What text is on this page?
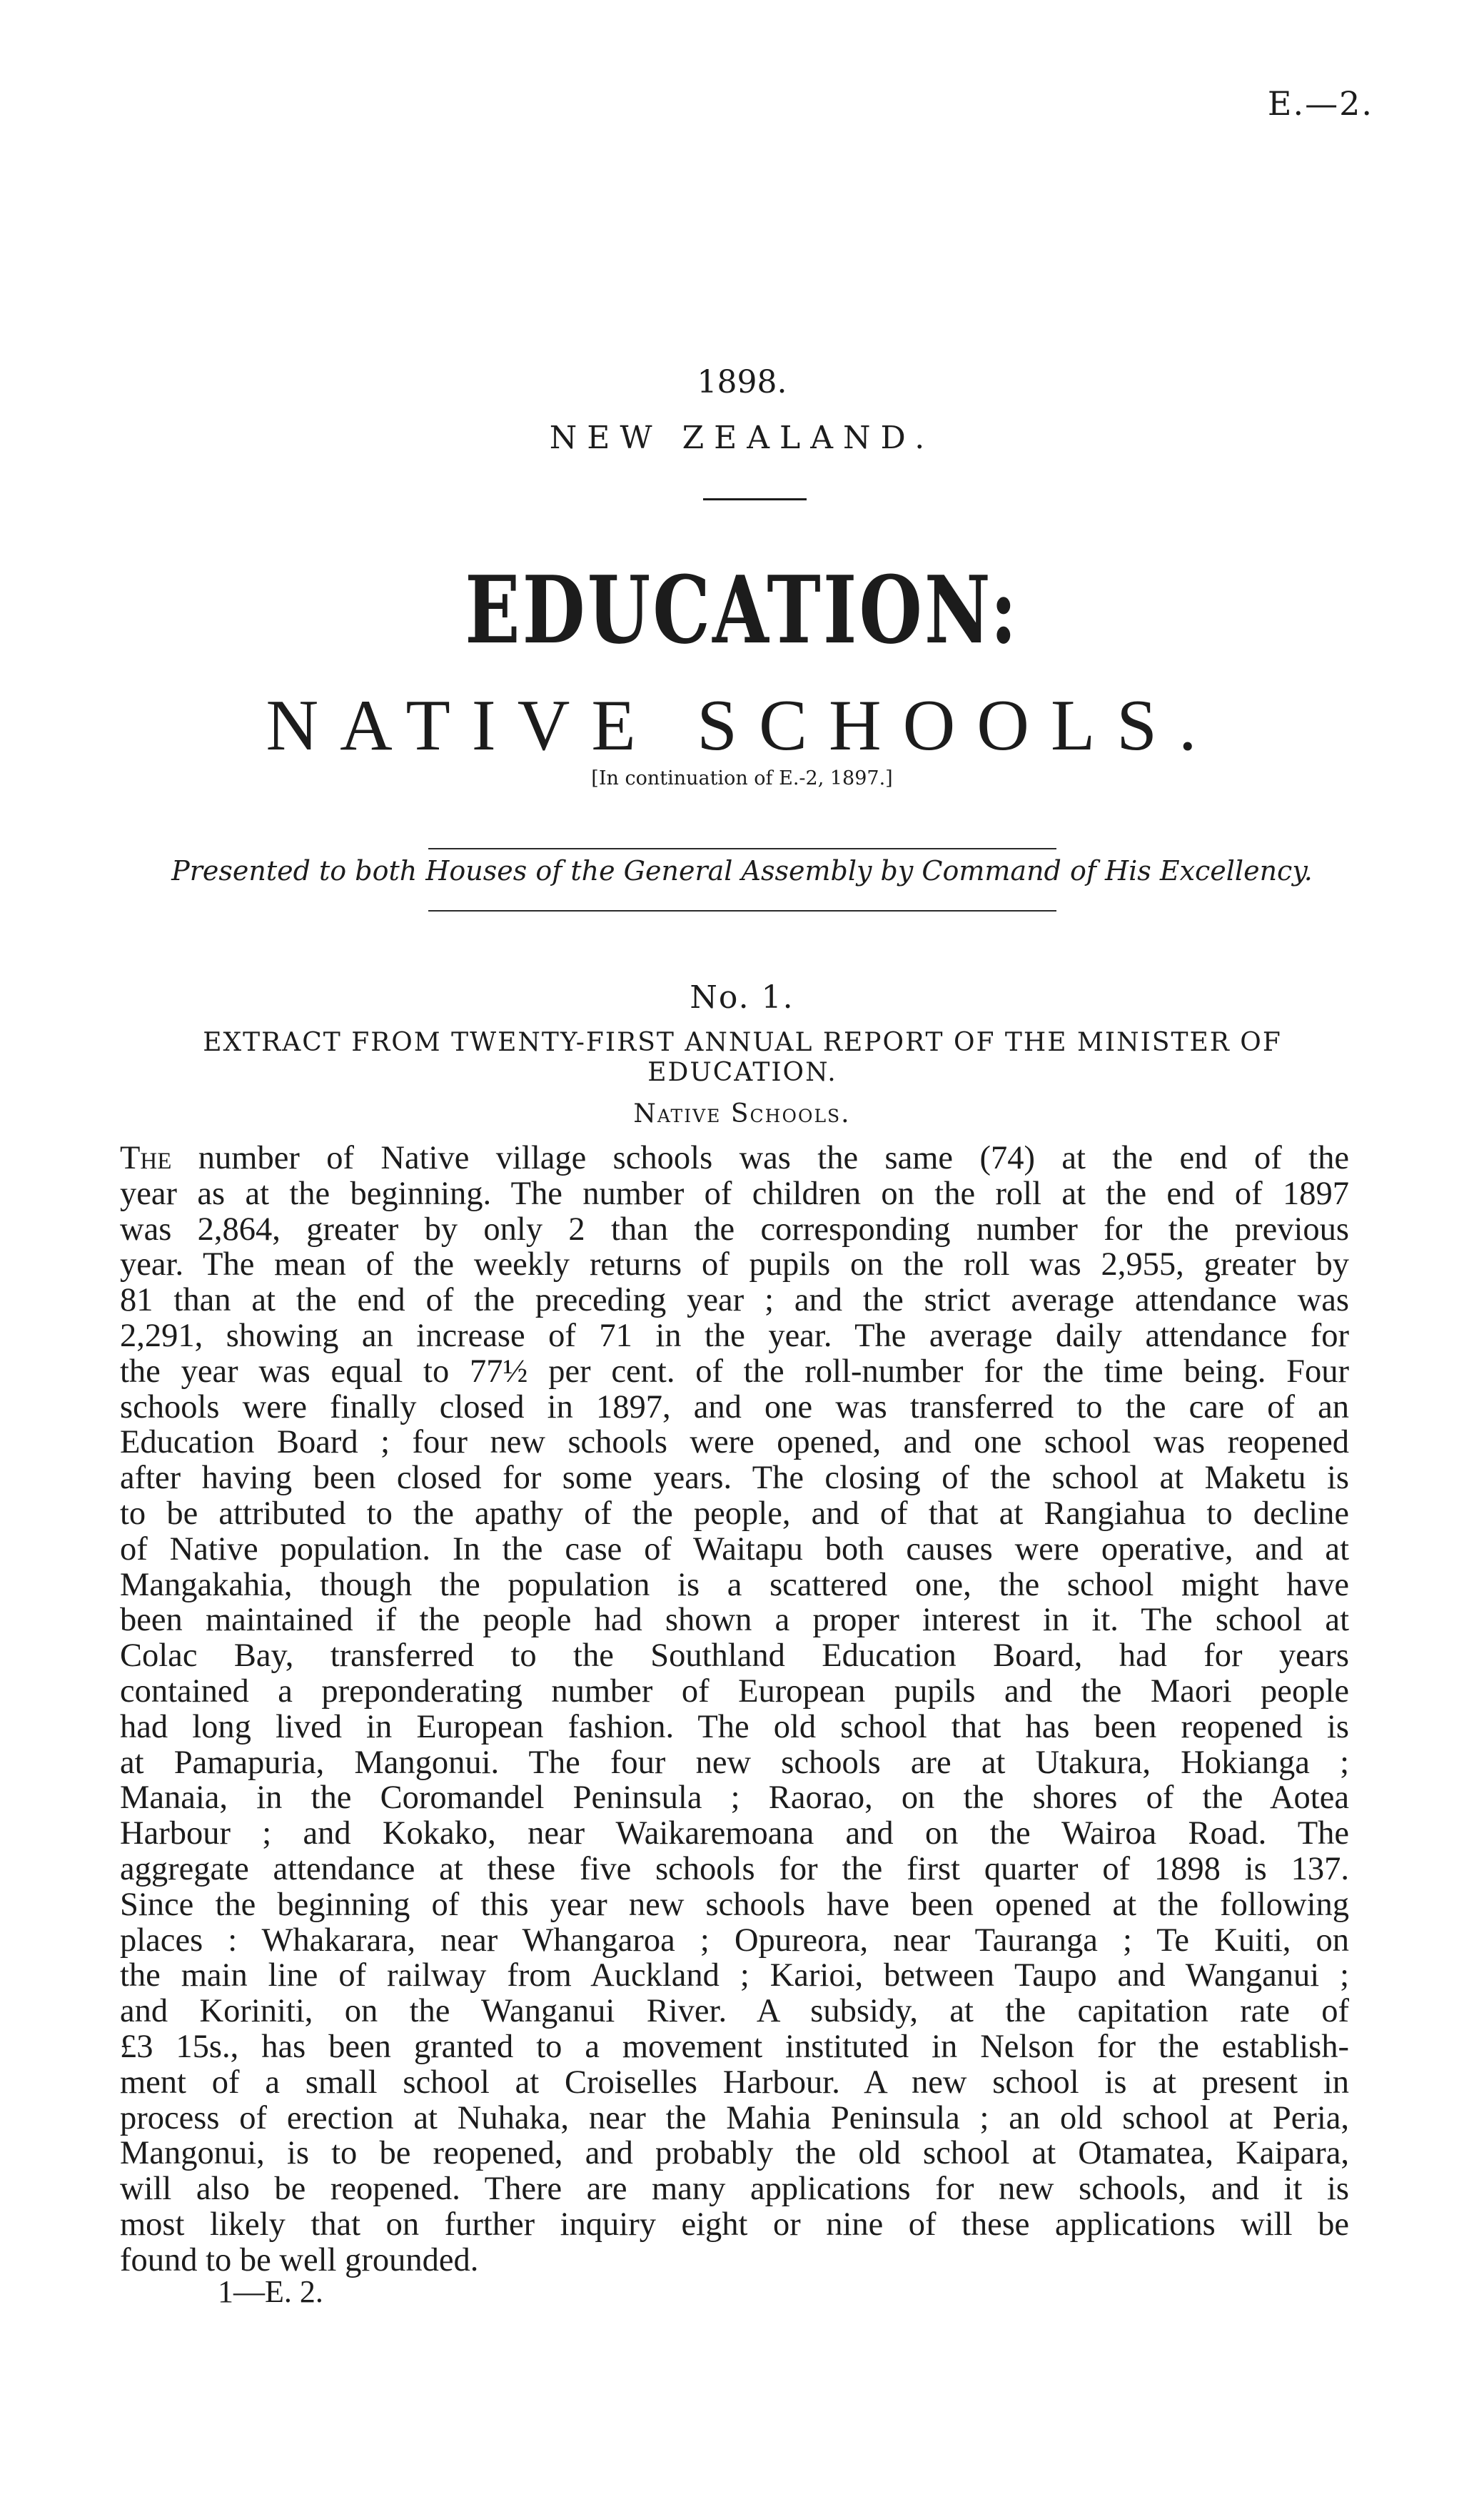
E.—2.
1898.
NEW ZEALAND.
EDUCATION:
NATIVE SCHOOLS.
[In continuation of E.-2, 1897.]
Presented to both Houses of the General Assembly by Command of His Excellency.
No. 1.
EXTRACT FROM TWENTY-FIRST ANNUAL REPORT OF THE MINISTER OF EDUCATION.
Native Schools.
The number of Native village schools was the same (74) at the end of the
year as at the beginning. The number of children on the roll at the end of 1897
was 2,864, greater by only 2 than the corresponding number for the previous
year. The mean of the weekly returns of pupils on the roll was 2,955, greater by
81 than at the end of the preceding year ; and the strict average attendance was
2,291, showing an increase of 71 in the year. The average daily attendance for
the year was equal to 77½ per cent. of the roll-number for the time being. Four
schools were finally closed in 1897, and one was transferred to the care of an
Education Board ; four new schools were opened, and one school was reopened
after having been closed for some years. The closing of the school at Maketu is
to be attributed to the apathy of the people, and of that at Rangiahua to decline
of Native population. In the case of Waitapu both causes were operative, and at
Mangakahia, though the population is a scattered one, the school might have
been maintained if the people had shown a proper interest in it. The school at
Colac Bay, transferred to the Southland Education Board, had for years
contained a preponderating number of European pupils and the Maori people
had long lived in European fashion. The old school that has been reopened is
at Pamapuria, Mangonui. The four new schools are at Utakura, Hokianga ;
Manaia, in the Coromandel Peninsula ; Raorao, on the shores of the Aotea
Harbour ; and Kokako, near Waikaremoana and on the Wairoa Road. The
aggregate attendance at these five schools for the first quarter of 1898 is 137.
Since the beginning of this year new schools have been opened at the following
places : Whakarara, near Whangaroa ; Opureora, near Tauranga ; Te Kuiti, on
the main line of railway from Auckland ; Karioi, between Taupo and Wanganui ;
and Koriniti, on the Wanganui River. A subsidy, at the capitation rate of
£3 15s., has been granted to a movement instituted in Nelson for the establish-
ment of a small school at Croiselles Harbour. A new school is at present in
process of erection at Nuhaka, near the Mahia Peninsula ; an old school at Peria,
Mangonui, is to be reopened, and probably the old school at Otamatea, Kaipara,
will also be reopened. There are many applications for new schools, and it is
most likely that on further inquiry eight or nine of these applications will be
found to be well grounded.
1—E. 2.
